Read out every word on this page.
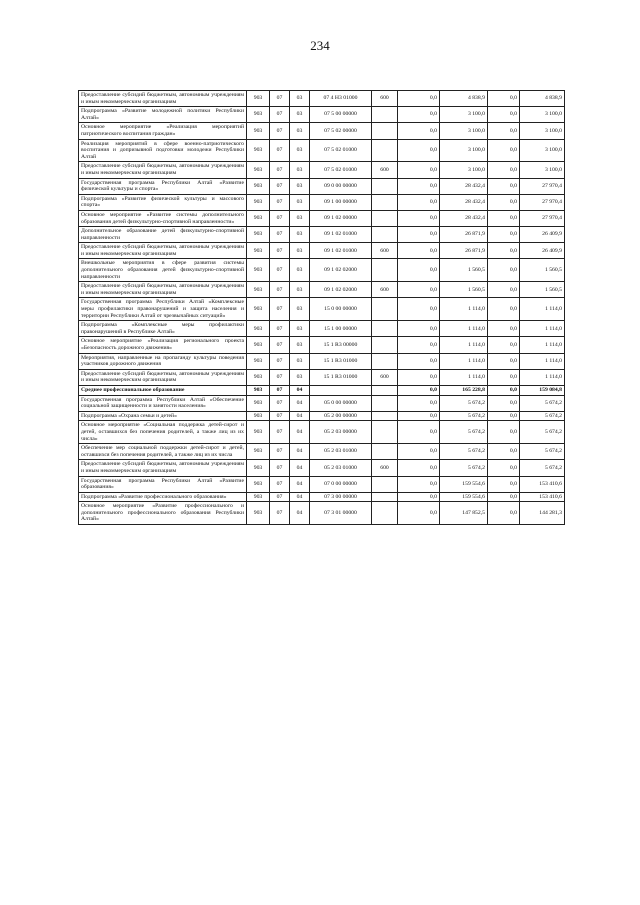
234
Предоставление субсидий бюджетным, автономным учреждениям и иным некоммерческим организациям	903	07	03	07 4 Н3 01000	600	0,0	4 838,9	0,0	4 838,9
Подпрограмма «Развитие молодежной политики Республики Алтай»	903	07	03	07 5 00 00000		0,0	3 100,0	0,0	3 100,0
Основное мероприятие «Реализация мероприятий патриотического воспитания граждан»	903	07	03	07 5 02 00000		0,0	3 100,0	0,0	3 100,0
Реализация мероприятий в сфере военно-патриотического воспитания и допризывной подготовки молодежи Республики Алтай	903	07	03	07 5 02 01000		0,0	3 100,0	0,0	3 100,0
Предоставление субсидий бюджетным, автономным учреждениям и иным некоммерческим организациям	903	07	03	07 5 02 01000	600	0,0	3 100,0	0,0	3 100,0
Государственная программа Республики Алтай «Развитие физической культуры и спорта»	903	07	03	09 0 00 00000		0,0	28 432,4	0,0	27 970,4
Подпрограмма «Развитие физической культуры и массового спорта»	903	07	03	09 1 00 00000		0,0	28 432,4	0,0	27 970,4
Основное мероприятие «Развитие системы дополнительного образования детей физкультурно-спортивной направленности»	903	07	03	09 1 02 00000		0,0	28 432,4	0,0	27 970,4
Дополнительное образование детей физкультурно-спортивной направленности	903	07	03	09 1 02 01000		0,0	26 871,9	0,0	26 409,9
Предоставление субсидий бюджетным, автономным учреждениям и иным некоммерческим организациям	903	07	03	09 1 02 01000	600	0,0	26 871,9	0,0	26 409,9
Внешкольные мероприятия в сфере развития системы дополнительного образования детей физкультурно-спортивной направленности	903	07	03	09 1 02 02000		0,0	1 560,5	0,0	1 560,5
Предоставление субсидий бюджетным, автономным учреждениям и иным некоммерческим организациям	903	07	03	09 1 02 02000	600	0,0	1 560,5	0,0	1 560,5
Государственная программа Республики Алтай «Комплексные меры профилактики правонарушений и защита населения и территории Республики Алтай от чрезвычайных ситуаций»	903	07	03	15 0 00 00000		0,0	1 114,0	0,0	1 114,0
Подпрограмма «Комплексные меры профилактики правонарушений в Республике Алтай»	903	07	03	15 1 00 00000		0,0	1 114,0	0,0	1 114,0
Основное мероприятие «Реализация регионального проекта «Безопасность дорожного движения»	903	07	03	15 1 R3 00000		0,0	1 114,0	0,0	1 114,0
Мероприятия, направленные на пропаганду культуры поведения участников дорожного движения	903	07	03	15 1 R3 01000		0,0	1 114,0	0,0	1 114,0
Предоставление субсидий бюджетным, автономным учреждениям и иным некоммерческим организациям	903	07	03	15 1 R3 01000	600	0,0	1 114,0	0,0	1 114,0
Среднее профессиональное образование	903	07	04			0,0	165 228,8	0,0	159 084,8
Государственная программа Республики Алтай «Обеспечение социальной защищенности и занятости населения»	903	07	04	05 0 00 00000		0,0	5 674,2	0,0	5 674,2
Подпрограмма «Охрана семьи и детей»	903	07	04	05 2 00 00000		0,0	5 674,2	0,0	5 674,2
Основное мероприятие «Социальная поддержка детей-сирот и детей, оставшихся без попечения родителей, а также лиц из их числа»	903	07	04	05 2 03 00000		0,0	5 674,2	0,0	5 674,2
Обеспечение мер социальной поддержки детей-сирот и детей, оставшихся без попечения родителей, а также лиц из их числа	903	07	04	05 2 03 01000		0,0	5 674,2	0,0	5 674,2
Предоставление субсидий бюджетным, автономным учреждениям и иным некоммерческим организациям	903	07	04	05 2 03 01000	600	0,0	5 674,2	0,0	5 674,2
Государственная программа Республики Алтай «Развитие образования»	903	07	04	07 0 00 00000		0,0	159 554,6	0,0	153 410,6
Подпрограмма «Развитие профессионального образования»	903	07	04	07 3 00 00000		0,0	159 554,6	0,0	153 410,6
Основное мероприятие «Развитие профессионального и дополнительного профессионального образования Республики Алтай»	903	07	04	07 3 01 00000		0,0	147 852,5	0,0	144 281,3
